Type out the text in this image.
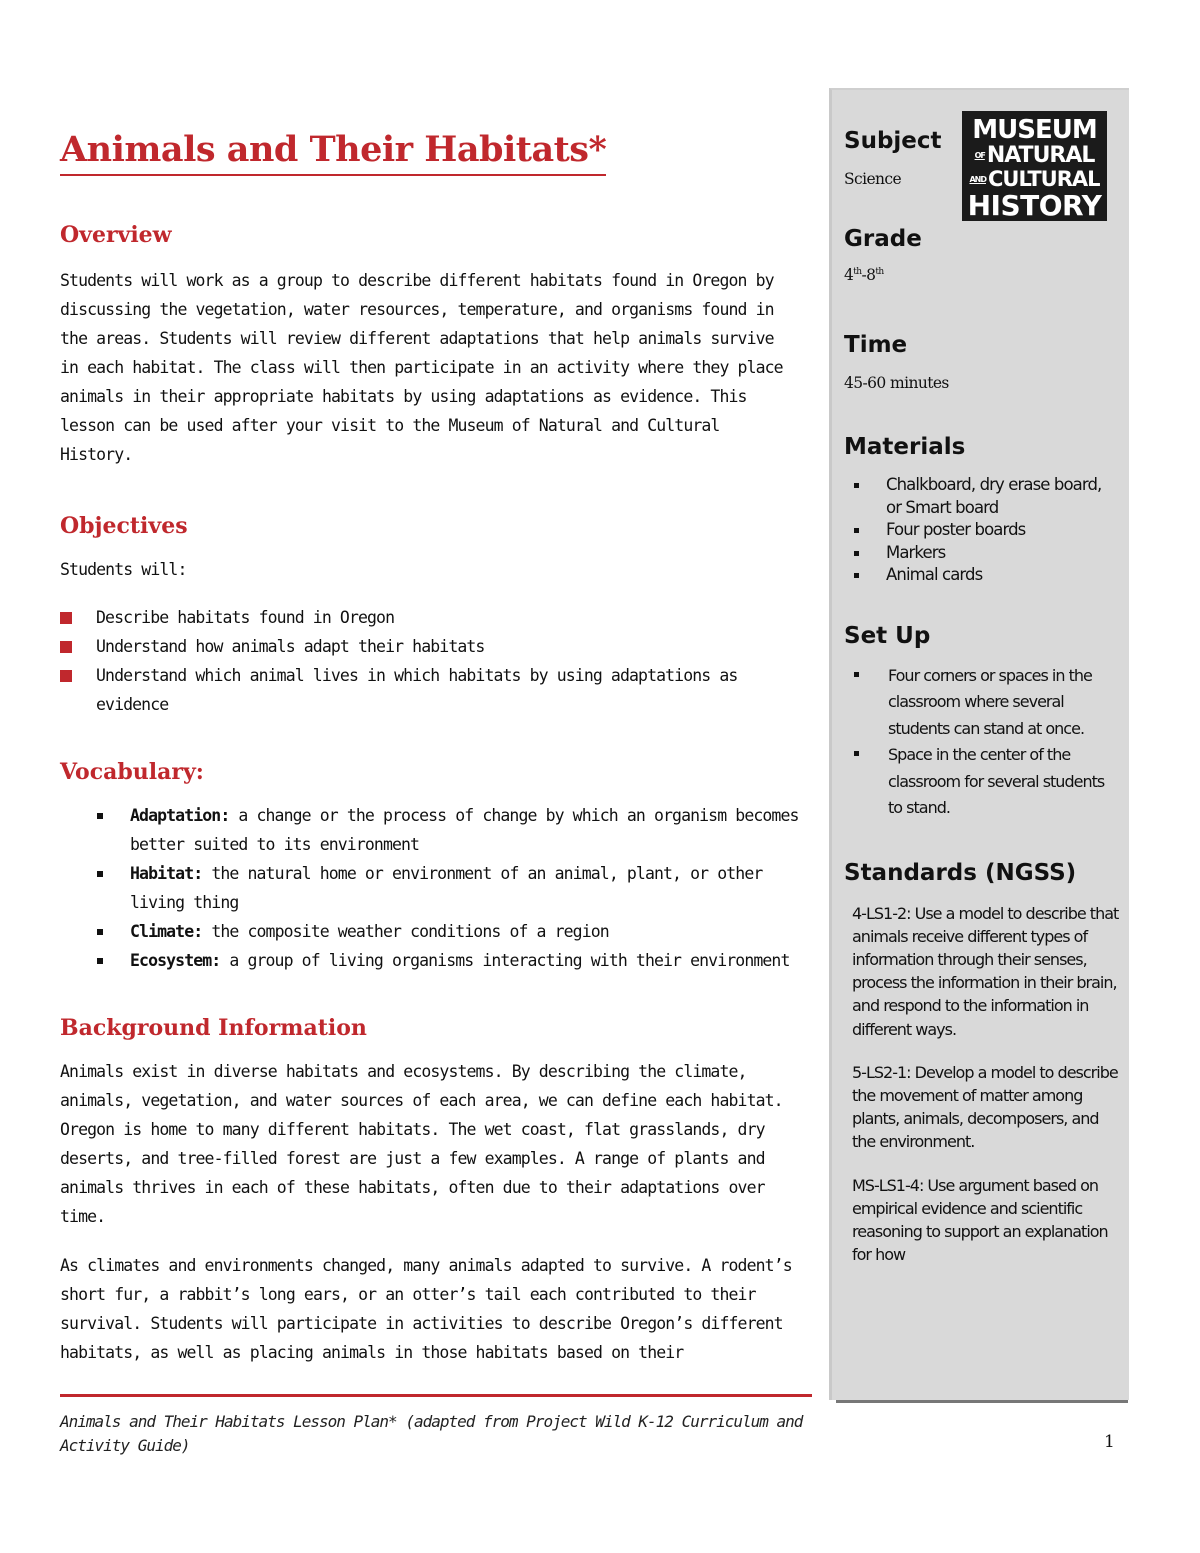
Animals and Their Habitats*
Overview

Students will work as a group to describe different habitats found in Oregon by discussing the vegetation, water resources, temperature, and organisms found in the areas. Students will review different adaptations that help animals survive in each habitat. The class will then participate in an activity where they place animals in their appropriate habitats by using adaptations as evidence. This lesson can be used after your visit to the Museum of Natural and Cultural History.

Objectives

Students will:

Describe habitats found in Oregon
Understand how animals adapt their habitats
Understand which animal lives in which habitats by using adaptations as evidence
Vocabulary:
Adaptation: a change or the process of change by which an organism becomes better suited to its environment
Habitat: the natural home or environment of an animal, plant, or other living thing
Climate: the composite weather conditions of a region
Ecosystem: a group of living organisms interacting with their environment
Background Information

Animals exist in diverse habitats and ecosystems. By describing the climate, animals, vegetation, and water sources of each area, we can define each habitat. Oregon is home to many different habitats. The wet coast, flat grasslands, dry deserts, and tree-filled forest are just a few examples. A range of plants and animals thrives in each of these habitats, often due to their adaptations over time.

As climates and environments changed, many animals adapted to survive. A rodent’s short fur, a rabbit’s long ears, or an otter’s tail each contributed to their survival. Students will participate in activities to describe Oregon’s different habitats, as well as placing animals in those habitats based on their

Animals and Their Habitats Lesson Plan* (adapted from Project Wild K-12 Curriculum and Activity Guide)	1
Subject

Science

Grade

4th-8th

Time

45-60 minutes

Materials
Chalkboard, dry erase board, or Smart board
Four poster boards
Markers
Animal cards
Set Up
Four corners or spaces in the classroom where several students can stand at once.
Space in the center of the classroom for several students to stand.
Standards (NGSS)

4-LS1-2: Use a model to describe that animals receive different types of information through their senses, process the information in their brain, and respond to the information in different ways.

5-LS2-1: Develop a model to describe the movement of matter among plants, animals, decomposers, and the environment.

MS-LS1-4: Use argument based on empirical evidence and scientific reasoning to support an explanation for how

MUSEUM
OFNATURAL
ANDCULTURAL
HISTORY
